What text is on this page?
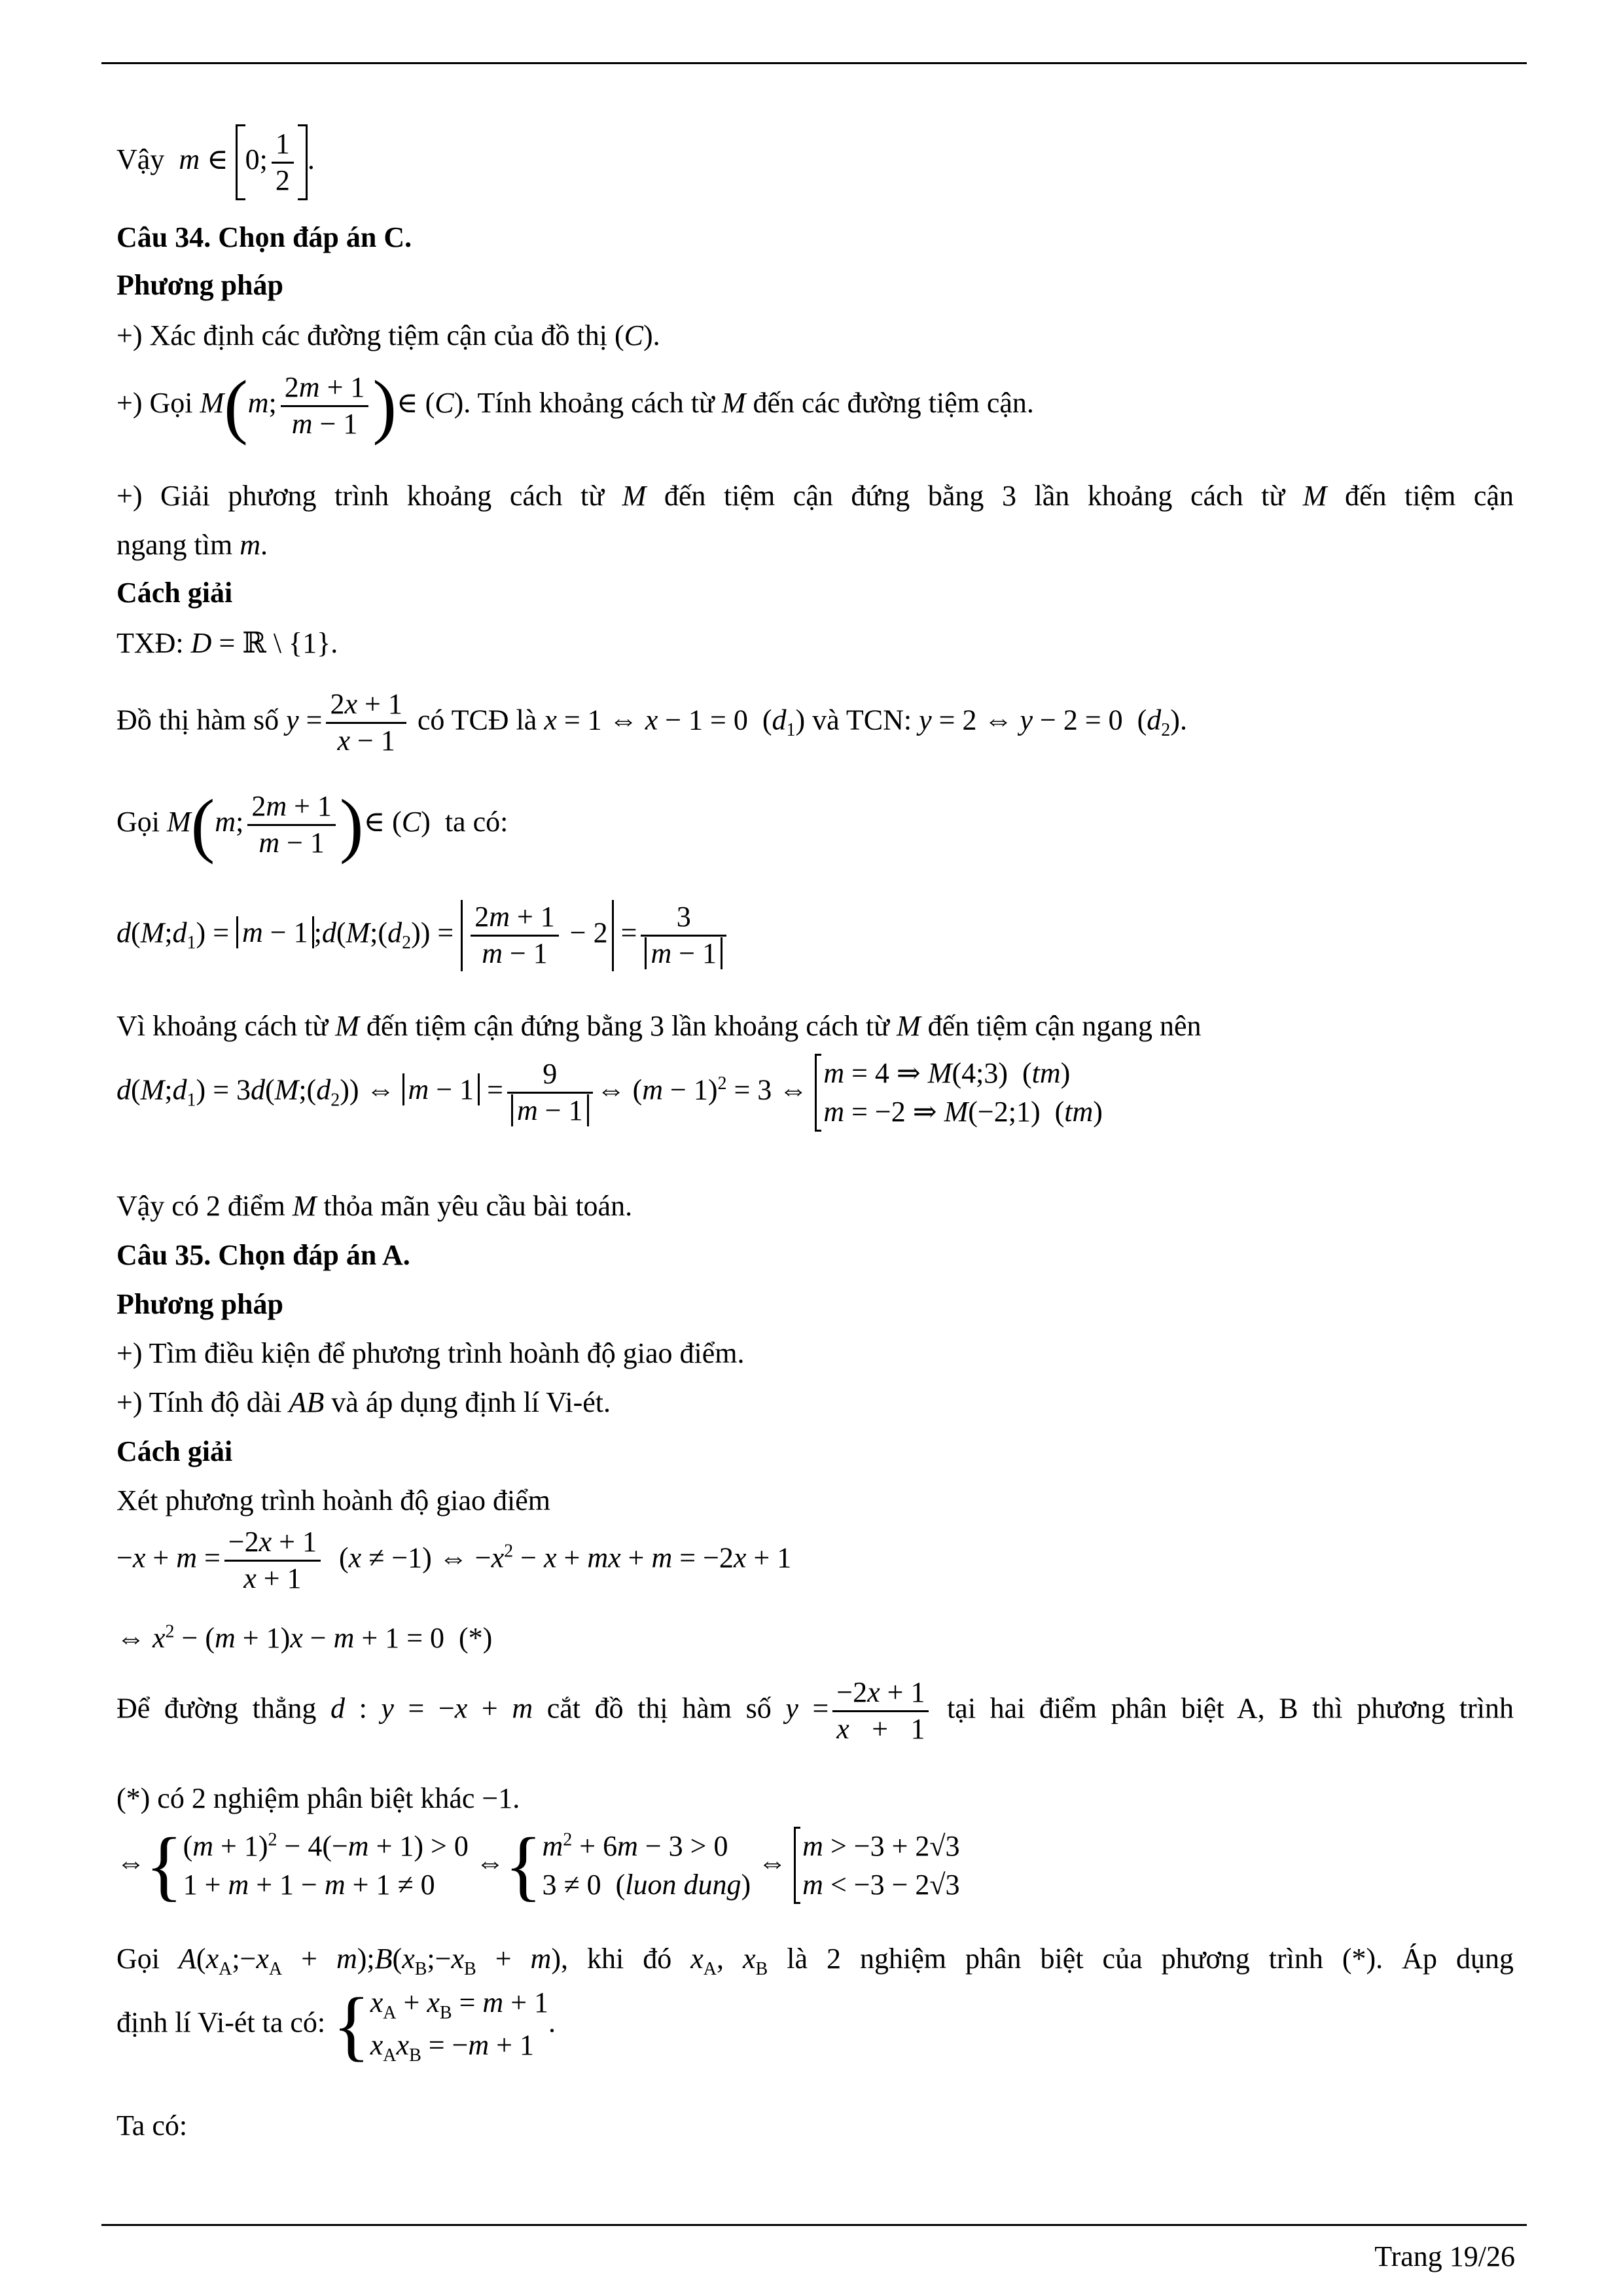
Vậy m ∈ 0; $\frac{1}{2}$ .
Câu 34. Chọn đáp án C.
Phương pháp
+) Xác định các đường tiệm cận của đồ thị (C).
+) Gọi M(m; $\frac{2m + 1}{m - 1}$ )∈ (C). Tính khoảng cách từ M đến các đường tiệm cận.
+) Giải phương trình khoảng cách từ M đến tiệm cận đứng bằng 3 lần khoảng cách từ M đến tiệm cận
ngang tìm m.
Cách giải
TXĐ: D = ℝ \ {1}.
Đồ thị hàm số $y = \frac{2x + 1}{x - 1}$ có TCĐ là x = 1 ⇔ x − 1 = 0  $(d_1)$ và TCN: y = 2 ⇔ y − 2 = 0  $(d_2)$.
Gọi M(m; $\frac{2m + 1}{m - 1}$ )∈ (C)  ta có:
$d(M;d_1) = m - 1$ $;d(M;(d_2)) = \frac{2m + 1}{m - 1} - 2 = \frac{3}{m - 1}$
Vì khoảng cách từ M đến tiệm cận đứng bằng 3 lần khoảng cách từ M đến tiệm cận ngang nên
$d(M;d_1)$ = $3d(M;(d_2))$ ⇔ $m - 1 = \frac{9}{m - 1}$ ⇔ $(m - 1)^2 = 3$ ⇔
m = 4 ⇒ M(4;3)  (tm)
m = −2 ⇒ M(−2;1)  (tm)
Vậy có 2 điểm M thỏa mãn yêu cầu bài toán.
Câu 35. Chọn đáp án A.
Phương pháp
+) Tìm điều kiện để phương trình hoành độ giao điểm.
+) Tính độ dài AB và áp dụng định lí Vi-ét.
Cách giải
Xét phương trình hoành độ giao điểm
$-x + m = \frac{-2x + 1}{x + 1} (x \ne -1)$ ⇔ $-x^2 - x$ + mx + m = −2x + 1
⇔ $x^2 - (m + 1)x - m + 1 = 0$  (*)
Để đường thẳng d : y = −x + m cắt đồ thị hàm số $y = \frac{-2x + 1}{x + 1}$ tại hai điểm phân biệt A, B thì phương trình
(*) có 2 nghiệm phân biệt khác −1.
⇔{ $(m + 1)^2 - 4(-m + 1) > 0$
1 + m + 1 − m + 1 ≠ 0
⇔{ $m^2 + 6m - 3 > 0$
3 ≠ 0  (luon dung)
⇔
m > −3 + 2√3
m < −3 − 2√3
Gọi $A(x_A;-x_A$ + $m);B(x_B;-x_B + m)$, khi đó $x_A$, $x_B$ là 2 nghiệm phân biệt của phương trình (*). Áp dụng
định lí Vi-ét ta có: { $x_A + x_B = m + 1$
$x_Ax_B = -m + 1$
.
Ta có:
Trang 19/26
